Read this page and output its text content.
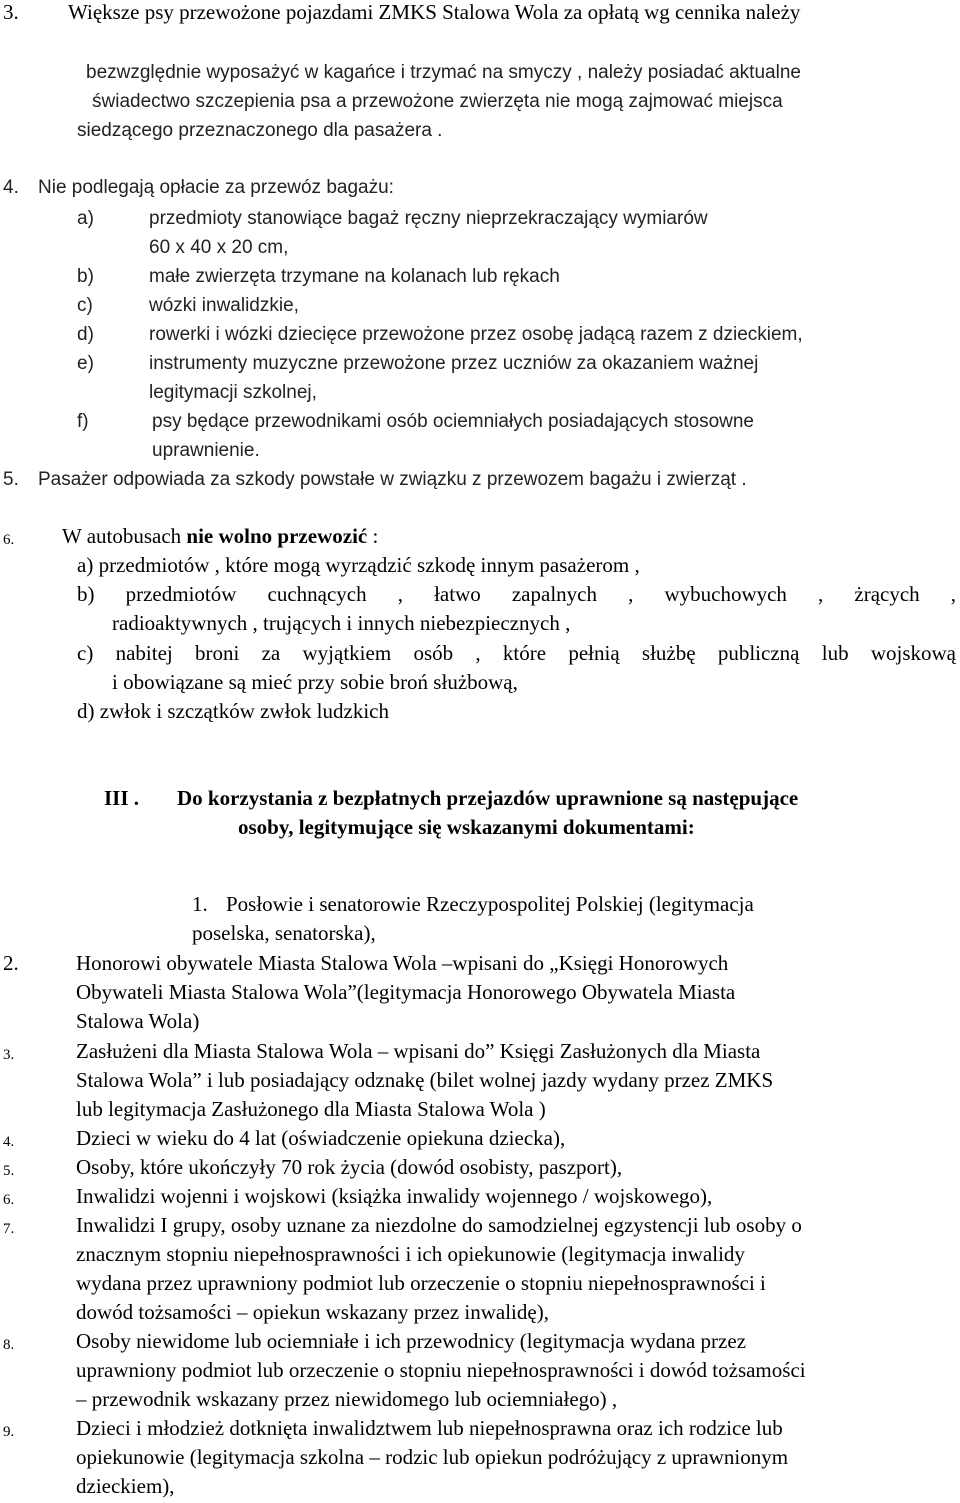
3. Większe psy przewożone pojazdami ZMKS Stalowa Wola za opłatą wg cennika należy
bezwzględnie wyposażyć w kagańce i trzymać na smyczy , należy posiadać aktualne
świadectwo szczepienia psa a przewożone zwierzęta nie mogą zajmować miejsca
siedzącego przeznaczonego dla pasażera .
4. Nie podlegają opłacie za przewóz bagażu:
a)	przedmioty stanowiące bagaż ręczny nieprzekraczający wymiarów
60 x 40 x 20 cm,
b)	małe zwierzęta trzymane na kolanach lub rękach
c)	wózki inwalidzkie,
d)	rowerki i wózki dziecięce przewożone przez osobę jadącą razem z dzieckiem,
e)	instrumenty muzyczne przewożone przez uczniów za okazaniem ważnej
legitymacji szkolnej,
f)	psy będące przewodnikami osób ociemniałych posiadających stosowne
uprawnienie.
5. Pasażer odpowiada za szkody powstałe w związku z przewozem bagażu i zwierząt .
6. W autobusach nie wolno przewozić :
a) przedmiotów , które mogą wyrządzić szkodę innym pasażerom ,
b) przedmiotów cuchnących , łatwo zapalnych , wybuchowych , żrących ,
radioaktywnych , trujących i innych niebezpiecznych ,
c) nabitej broni za wyjątkiem osób , które pełnią służbę publiczną lub wojskową
i obowiązane są mieć przy sobie broń służbową,
d) zwłok i szczątków zwłok ludzkich
III . Do korzystania z bezpłatnych przejazdów uprawnione są następujące
osoby, legitymujące się wskazanymi dokumentami:
1. Posłowie i senatorowie Rzeczypospolitej Polskiej (legitymacja
poselska, senatorska),
2.	Honorowi obywatele Miasta Stalowa Wola –wpisani do „Księgi Honorowych
Obywateli Miasta Stalowa Wola”(legitymacja Honorowego Obywatela Miasta
Stalowa Wola)
3.	Zasłużeni dla Miasta Stalowa Wola – wpisani do” Księgi Zasłużonych dla Miasta
Stalowa Wola” i lub posiadający odznakę (bilet wolnej jazdy wydany przez ZMKS
lub legitymacja Zasłużonego dla Miasta Stalowa Wola )
4.	Dzieci w wieku do 4 lat (oświadczenie opiekuna dziecka),
5.	Osoby, które ukończyły 70 rok życia (dowód osobisty, paszport),
6.	Inwalidzi wojenni i wojskowi (książka inwalidy wojennego / wojskowego),
7.	Inwalidzi I grupy, osoby uznane za niezdolne do samodzielnej egzystencji lub osoby o
znacznym stopniu niepełnosprawności i ich opiekunowie (legitymacja inwalidy
wydana przez uprawniony podmiot lub orzeczenie o stopniu niepełnosprawności i
dowód tożsamości – opiekun wskazany przez inwalidę),
8.	Osoby niewidome lub ociemniałe i ich przewodnicy (legitymacja wydana przez
uprawniony podmiot lub orzeczenie o stopniu niepełnosprawności i dowód tożsamości
– przewodnik wskazany przez niewidomego lub ociemniałego) ,
9.	Dzieci i młodzież dotknięta inwalidztwem lub niepełnosprawna oraz ich rodzice lub
opiekunowie (legitymacja szkolna – rodzic lub opiekun podróżujący z uprawnionym
dzieckiem),
